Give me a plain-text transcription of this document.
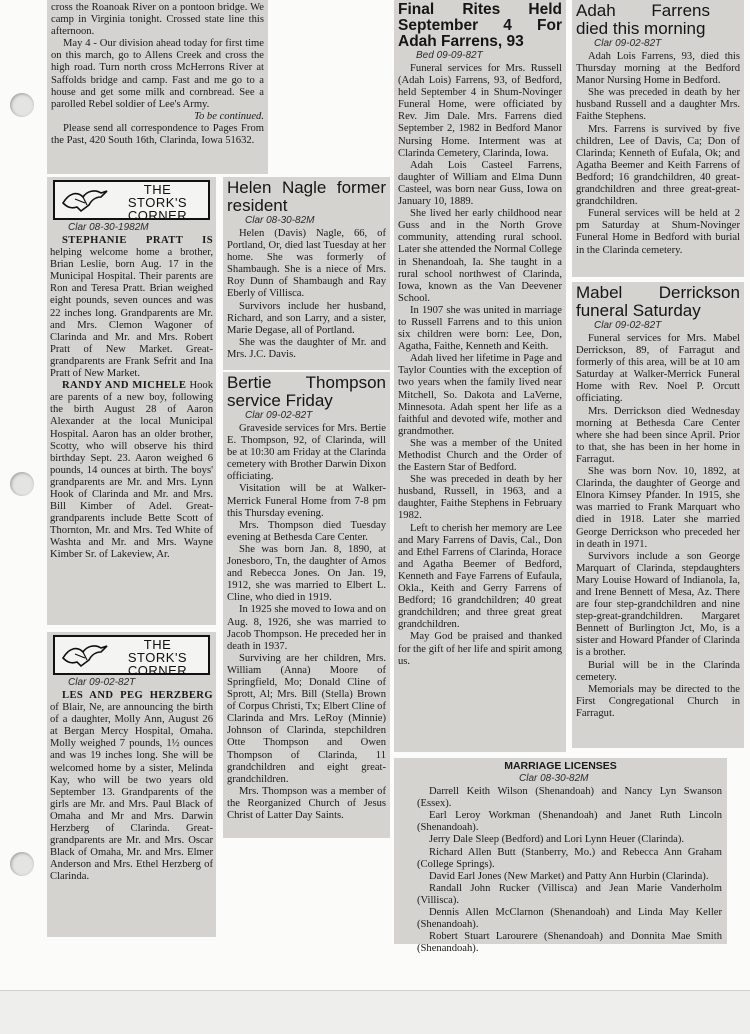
cross the Roanoak River on a pontoon bridge. We camp in Virginia tonight. Crossed state line this afternoon.

May 4 - Our division ahead today for first time on this march, go to Allens Creek and cross the high road. Turn north cross McHerrons River at Saffolds bridge and camp. Fast and me go to a house and get some milk and cornbread. See a parolled Rebel soldier of Lee's Army.

To be continued.

Please send all correspondence to Pages From the Past, 420 South 16th, Clarinda, Iowa 51632.

THE
STORK'S
CORNER
Clar 08-30-1982M

STEPHANIE PRATT IS helping welcome home a brother, Brian Leslie, born Aug. 17 in the Municipal Hospital. Their parents are Ron and Teresa Pratt. Brian weighed eight pounds, seven ounces and was 22 inches long. Grandparents are Mr. and Mrs. Clemon Wagoner of Clarinda and Mr. and Mrs. Robert Pratt of New Market. Great-grandparents are Frank Sefrit and Ina Pratt of New Market.

RANDY AND MICHELE Hook are parents of a new boy, following the birth August 28 of Aaron Alexander at the local Municipal Hospital. Aaron has an older brother, Scotty, who will observe his third birthday Sept. 23. Aaron weighed 6 pounds, 14 ounces at birth. The boys' grandparents are Mr. and Mrs. Lynn Hook of Clarinda and Mr. and Mrs. Bill Kimber of Adel. Great-grandparents include Bette Scott of Thornton, Mr. and Mrs. Ted White of Washta and Mr. and Mrs. Wayne Kimber Sr. of Lakeview, Ar.

THE
STORK'S
CORNER
Clar 09-02-82T

LES AND PEG HERZBERG of Blair, Ne, are announcing the birth of a daughter, Molly Ann, August 26 at Bergan Mercy Hospital, Omaha. Molly weighed 7 pounds, 1½ ounces and was 19 inches long. She will be welcomed home by a sister, Melinda Kay, who will be two years old September 13. Grandparents of the girls are Mr. and Mrs. Paul Black of Omaha and Mr and Mrs. Darwin Herzberg of Clarinda. Great-grandparents are Mr. and Mrs. Oscar Black of Omaha, Mr. and Mrs. Elmer Anderson and Mrs. Ethel Herzberg of Clarinda.

Helen Nagle former resident
Clar 08-30-82M

Helen (Davis) Nagle, 66, of Portland, Or, died last Tuesday at her home. She was formerly of Shambaugh. She is a niece of Mrs. Roy Dunn of Shambaugh and Ray Eberly of Villisca.

Survivors include her husband, Richard, and son Larry, and a sister, Marie Degase, all of Portland.

She was the daughter of Mr. and Mrs. J.C. Davis.

Bertie Thompson service Friday
Clar 09-02-82T

Graveside services for Mrs. Bertie E. Thompson, 92, of Clarinda, will be at 10:30 am Friday at the Clarinda cemetery with Brother Darwin Dixon officiating.

Visitation will be at Walker-Merrick Funeral Home from 7-8 pm this Thursday evening.

Mrs. Thompson died Tuesday evening at Bethesda Care Center.

She was born Jan. 8, 1890, at Jonesboro, Tn, the daughter of Amos and Rebecca Jones. On Jan. 19, 1912, she was married to Elbert L. Cline, who died in 1919.

In 1925 she moved to Iowa and on Aug. 8, 1926, she was married to Jacob Thompson. He preceded her in death in 1937.

Surviving are her children, Mrs. William (Anna) Moore of Springfield, Mo; Donald Cline of Sprott, Al; Mrs. Bill (Stella) Brown of Corpus Christi, Tx; Elbert Cline of Clarinda and Mrs. LeRoy (Minnie) Johnson of Clarinda, stepchildren Otte Thompson and Owen Thompson of Clarinda, 11 grandchildren and eight great-grandchildren.

Mrs. Thompson was a member of the Reorganized Church of Jesus Christ of Latter Day Saints.

Final Rites Held September 4 For Adah Farrens, 93
Bed 09-09-82T

Funeral services for Mrs. Russell (Adah Lois) Farrens, 93, of Bedford, held September 4 in Shum-Novinger Funeral Home, were officiated by Rev. Jim Dale. Mrs. Farrens died September 2, 1982 in Bedford Manor Nursing Home. Interment was at Clarinda Cemetery, Clarinda, Iowa.

Adah Lois Casteel Farrens, daughter of William and Elma Dunn Casteel, was born near Guss, Iowa on January 10, 1889.

She lived her early childhood near Guss and in the North Grove community, attending rural school. Later she attended the Normal College in Shenandoah, Ia. She taught in a rural school northwest of Clarinda, Iowa, known as the Van Deevener School.

In 1907 she was united in marriage to Russell Farrens and to this union six children were born: Lee, Don, Agatha, Faithe, Kenneth and Keith.

Adah lived her lifetime in Page and Taylor Counties with the exception of two years when the family lived near Mitchell, So. Dakota and LaVerne, Minnesota. Adah spent her life as a faithful and devoted wife, mother and grandmother.

She was a member of the United Methodist Church and the Order of the Eastern Star of Bedford.

She was preceded in death by her husband, Russell, in 1963, and a daughter, Faithe Stephens in February 1982.

Left to cherish her memory are Lee and Mary Farrens of Davis, Cal., Don and Ethel Farrens of Clarinda, Horace and Agatha Beemer of Bedford, Kenneth and Faye Farrens of Eufaula, Okla., Keith and Gerry Farrens of Bedford; 16 grandchildren; 40 great grandchildren; and three great great grandchildren.

May God be praised and thanked for the gift of her life and spirit among us.

Adah Farrens died this morning
Clar 09-02-82T

Adah Lois Farrens, 93, died this Thursday morning at the Bedford Manor Nursing Home in Bedford.

She was preceded in death by her husband Russell and a daughter Mrs. Faithe Stephens.

Mrs. Farrens is survived by five children, Lee of Davis, Ca; Don of Clarinda; Kenneth of Eufala, Ok; and Agatha Beemer and Keith Farrens of Bedford; 16 grandchildren, 40 great-grandchildren and three great-great-grandchildren.

Funeral services will be held at 2 pm Saturday at Shum-Novinger Funeral Home in Bedford with burial in the Clarinda cemetery.

Mabel Derrickson funeral Saturday
Clar 09-02-82T

Funeral services for Mrs. Mabel Derrickson, 89, of Farragut and formerly of this area, will be at 10 am Saturday at Walker-Merrick Funeral Home with Rev. Noel P. Orcutt officiating.

Mrs. Derrickson died Wednesday morning at Bethesda Care Center where she had been since April. Prior to that, she has been in her home in Farragut.

She was born Nov. 10, 1892, at Clarinda, the daughter of George and Elnora Kimsey Pfander. In 1915, she was married to Frank Marquart who died in 1918. Later she married George Derrickson who preceded her in death in 1971.

Survivors include a son George Marquart of Clarinda, stepdaughters Mary Louise Howard of Indianola, Ia, and Irene Bennett of Mesa, Az. There are four step-grandchildren and nine step-great-grandchildren. Margaret Bennett of Burlington Jct, Mo, is a sister and Howard Pfander of Clarinda is a brother.

Burial will be in the Clarinda cemetery.

Memorials may be directed to the First Congregational Church in Farragut.

MARRIAGE LICENSES
Clar 08-30-82M

Darrell Keith Wilson (Shenandoah) and Nancy Lyn Swanson (Essex).

Earl Leroy Workman (Shenandoah) and Janet Ruth Lincoln (Shenandoah).

Jerry Dale Sleep (Bedford) and Lori Lynn Heuer (Clarinda).

Richard Allen Butt (Stanberry, Mo.) and Rebecca Ann Graham (College Springs).

David Earl Jones (New Market) and Patty Ann Hurbin (Clarinda).

Randall John Rucker (Villisca) and Jean Marie Vanderholm (Villisca).

Dennis Allen McClarnon (Shenandoah) and Linda May Keller (Shenandoah).

Robert Stuart Larourere (Shenandoah) and Donnita Mae Smith (Shenandoah).
